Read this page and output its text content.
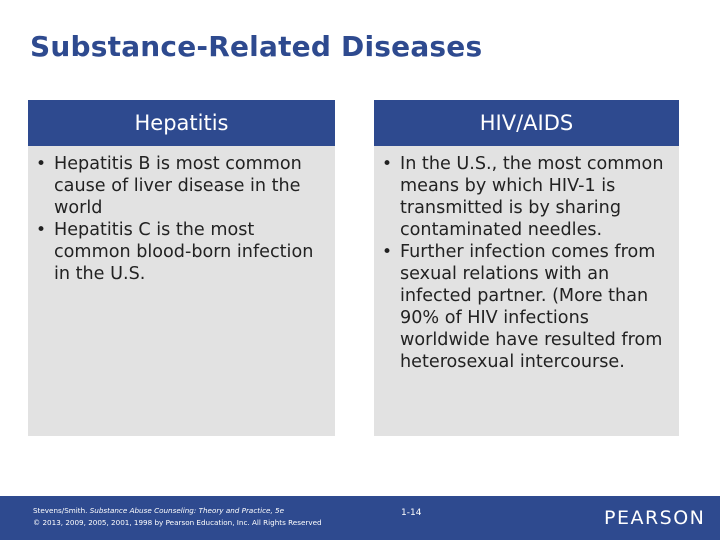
Substance-Related Diseases
Hepatitis
• Hepatitis B is most common cause of liver disease in the world
• Hepatitis C is the most common blood-born infection in the U.S.
HIV/AIDS
• In the U.S., the most common means by which HIV-1 is transmitted is by sharing contaminated needles.
• Further infection comes from sexual relations with an infected partner. (More than 90% of HIV infections worldwide have resulted from heterosexual intercourse.
Stevens/Smith. Substance Abuse Counseling: Theory and Practice, 5e
© 2013, 2009, 2005, 2001, 1998 by Pearson Education, Inc. All Rights Reserved
1-14	PEARSON
